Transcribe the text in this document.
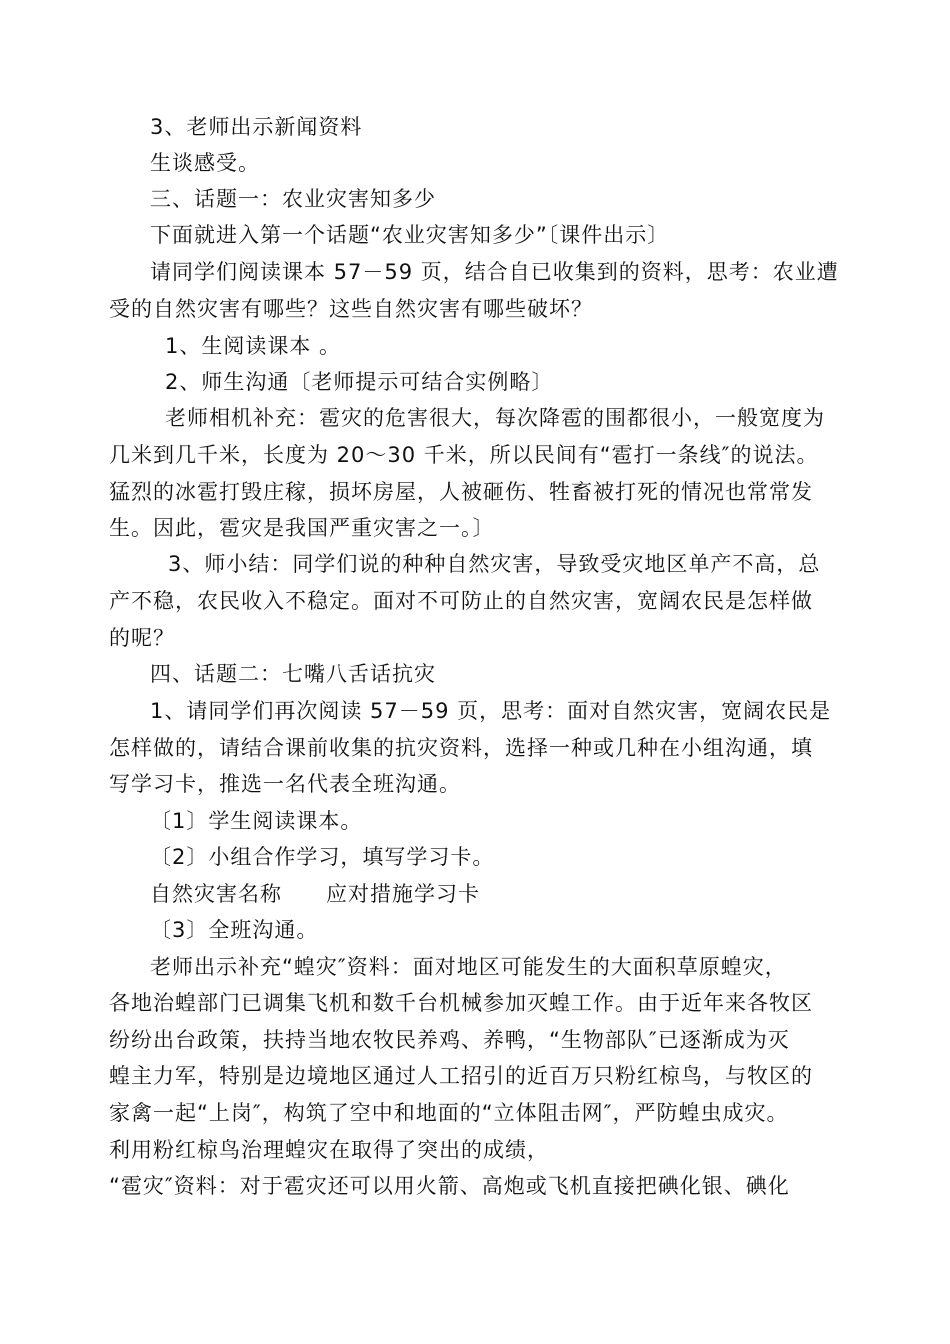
3、老师出示新闻资料
生谈感受。
三、话题一：农业灾害知多少
下面就进入第一个话题“农业灾害知多少”〔课件出示〕
请同学们阅读课本 57－59 页，结合自已收集到的资料，思考：农业遭
受的自然灾害有哪些？这些自然灾害有哪些破坏？
1、生阅读课本 。
2、师生沟通〔老师提示可结合实例略〕
老师相机补充：雹灾的危害很大，每次降雹的围都很小，一般宽度为
几米到几千米，长度为 20～30 千米，所以民间有“雹打一条线″的说法。
猛烈的冰雹打毁庄稼，损坏房屋，人被砸伤、牲畜被打死的情况也常常发
生。因此，雹灾是我国严重灾害之一。〕
3、师小结：同学们说的种种自然灾害，导致受灾地区单产不高，总
产不稳，农民收入不稳定。面对不可防止的自然灾害，宽阔农民是怎样做
的呢？
四、话题二：七嘴八舌话抗灾
1、请同学们再次阅读 57－59 页，思考：面对自然灾害，宽阔农民是
怎样做的，请结合课前收集的抗灾资料，选择一种或几种在小组沟通，填
写学习卡，推选一名代表全班沟通。
〔1〕学生阅读课本。
〔2〕小组合作学习，填写学习卡。
自然灾害名称　　应对措施学习卡
〔3〕全班沟通。
老师出示补充“蝗灾″资料：面对地区可能发生的大面积草原蝗灾，
各地治蝗部门已调集飞机和数千台机械参加灭蝗工作。由于近年来各牧区
纷纷出台政策，扶持当地农牧民养鸡、养鸭，“生物部队″已逐渐成为灭
蝗主力军，特别是边境地区通过人工招引的近百万只粉红椋鸟，与牧区的
家禽一起“上岗″，构筑了空中和地面的“立体阻击网″，严防蝗虫成灾。
利用粉红椋鸟治理蝗灾在取得了突出的成绩，
“雹灾″资料：对于雹灾还可以用火箭、高炮或飞机直接把碘化银、碘化
